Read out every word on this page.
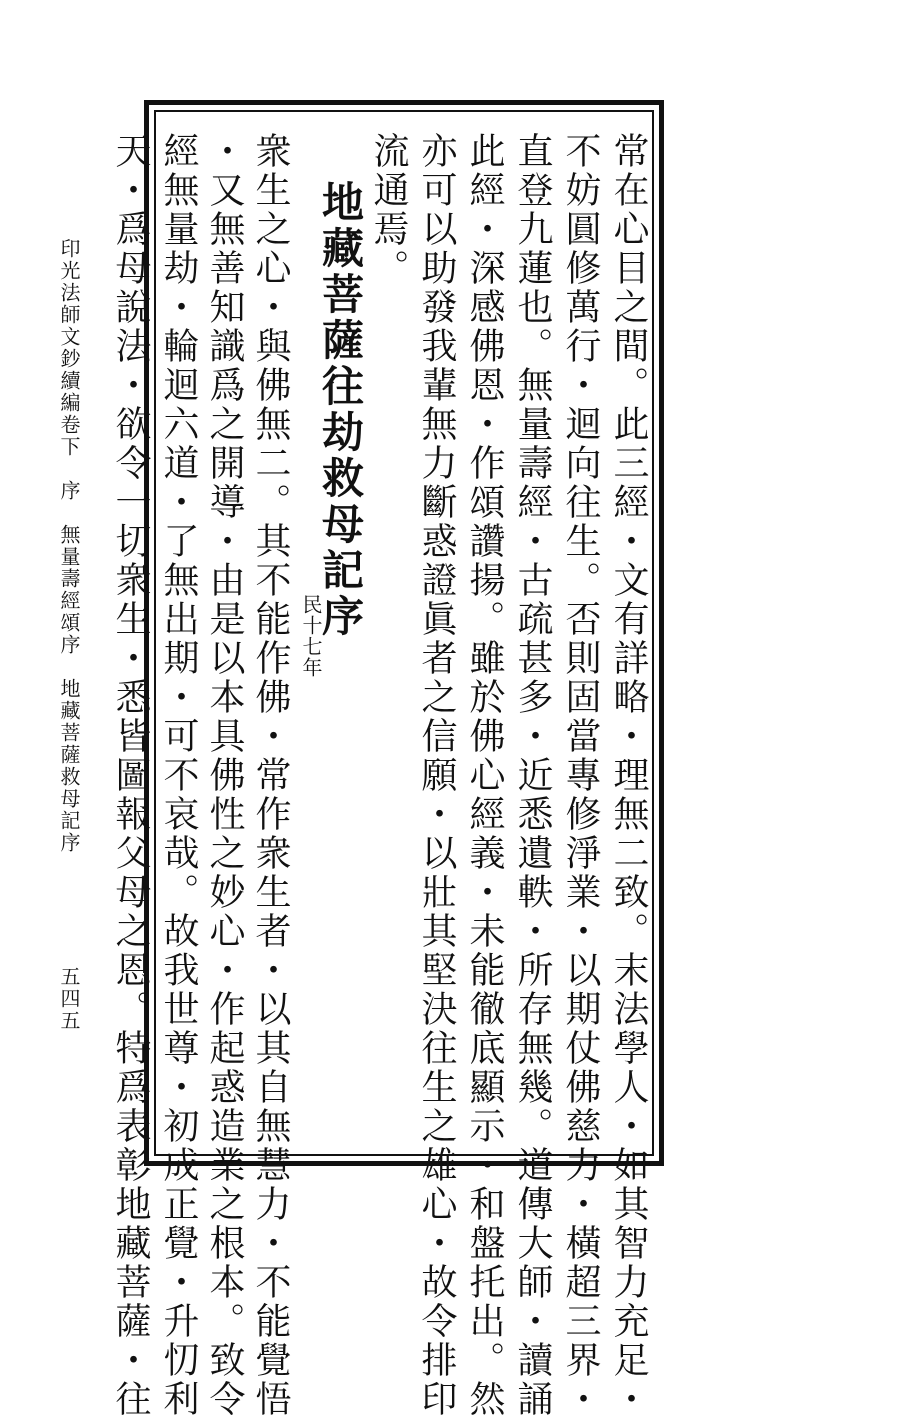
常在心目之間。此三經・文有詳略・理無二致。末法學人・如其智力充足・

不妨圓修萬行・迴向往生。否則固當專修淨業・以期仗佛慈力・橫超三界・

直登九蓮也。無量壽經・古疏甚多・近悉遺軼・所存無幾。道傳大師・讀誦

此經・深感佛恩・作頌讚揚。雖於佛心經義・未能徹底顯示・和盤托出。然

亦可以助發我輩無力斷惑證眞者之信願・以壯其堅決往生之雄心・故令排印

流通焉。

地藏菩薩往劫救母記序
民十七年

衆生之心・與佛無二。其不能作佛・常作衆生者・以其自無慧力・不能覺悟

・又無善知識爲之開導・由是以本具佛性之妙心・作起惑造業之根本。致令

經無量劫・輪迴六道・了無出期・可不哀哉。故我世尊・初成正覺・升忉利

天・爲母說法・欲令一切衆生・悉皆圖報父母之恩。特爲表彰地藏菩薩・往

印光法師文鈔續編卷下　序　無量壽經頌序　地藏菩薩救母記序
五四五
